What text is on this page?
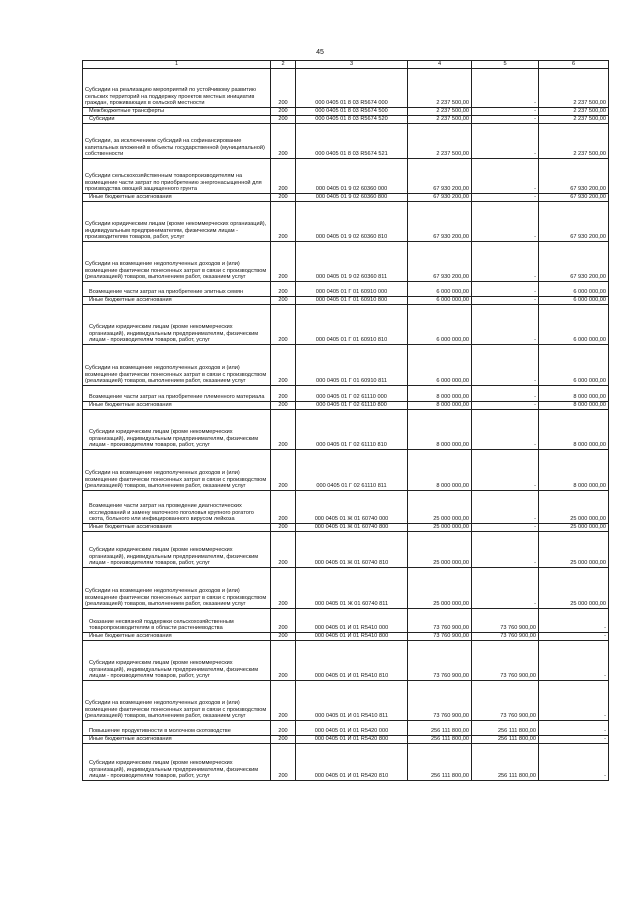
45
1	2	3	4	5	6
Субсидии на реализацию мероприятий по устойчивому развитию сельских территорий на поддержку проектов местных инициатив граждан, проживающих в сельской местности	200	000 0405 01 8 03 R5674 000	2 237 500,00	-	2 237 500,00
Межбюджетные трансферты	200	000 0405 01 8 03 R5674 500	2 237 500,00	-	2 237 500,00
Субсидии	200	000 0405 01 8 03 R5674 520	2 237 500,00	-	2 237 500,00
Субсидии, за исключением субсидий на софинансирование капитальных вложений в объекты государственной (муниципальной) собственности	200	000 0405 01 8 03 R5674 521	2 237 500,00	-	2 237 500,00
Субсидии сельскохозяйственным товаропроизводителям на возмещение части затрат по приобретению энергонасыщенной для производства овощей защищенного грунта	200	000 0405 01 9 02 60360 000	67 930 200,00	-	67 930 200,00
Иные бюджетные ассигнования	200	000 0405 01 9 02 60360 800	67 930 200,00	-	67 930 200,00
Субсидии юридическим лицам (кроме некоммерческих организаций), индивидуальным предпринимателям, физическим лицам - производителям товаров, работ, услуг	200	000 0405 01 9 02 60360 810	67 930 200,00	-	67 930 200,00
Субсидии на возмещение недополученных доходов и (или) возмещение фактически понесенных затрат в связи с производством (реализацией) товаров, выполнением работ, оказанием услуг	200	000 0405 01 9 02 60360 811	67 930 200,00	-	67 930 200,00
Возмещение части затрат на приобретение элитных семян	200	000 0405 01 Г 01 60910 000	6 000 000,00	-	6 000 000,00
Иные бюджетные ассигнования	200	000 0405 01 Г 01 60910 800	6 000 000,00	-	6 000 000,00
Субсидии юридическим лицам (кроме некоммерческих организаций), индивидуальным предпринимателям, физическим лицам - производителям товаров, работ, услуг	200	000 0405 01 Г 01 60910 810	6 000 000,00	-	6 000 000,00
Субсидии на возмещение недополученных доходов и (или) возмещение фактически понесенных затрат в связи с производством (реализацией) товаров, выполнением работ, оказанием услуг	200	000 0405 01 Г 01 60910 811	6 000 000,00	-	6 000 000,00
Возмещение части затрат на приобретение племенного материала	200	000 0405 01 Г 02 61110 000	8 000 000,00	-	8 000 000,00
Иные бюджетные ассигнования	200	000 0405 01 Г 02 61110 800	8 000 000,00	-	8 000 000,00
Субсидии юридическим лицам (кроме некоммерческих организаций), индивидуальным предпринимателям, физическим лицам - производителям товаров, работ, услуг	200	000 0405 01 Г 02 61110 810	8 000 000,00	-	8 000 000,00
Субсидии на возмещение недополученных доходов и (или) возмещение фактически понесенных затрат в связи с производством (реализацией) товаров, выполнением работ, оказанием услуг	200	000 0405 01 Г 02 61110 811	8 000 000,00	-	8 000 000,00
Возмещение части затрат на проведение диагностических исследований и замену маточного поголовья крупного рогатого скота, больного или инфицированного вирусом лейкоза	200	000 0405 01 Ж 01 60740 000	25 000 000,00	-	25 000 000,00
Иные бюджетные ассигнования	200	000 0405 01 Ж 01 60740 800	25 000 000,00	-	25 000 000,00
Субсидии юридическим лицам (кроме некоммерческих организаций), индивидуальным предпринимателям, физическим лицам - производителям товаров, работ, услуг	200	000 0405 01 Ж 01 60740 810	25 000 000,00	-	25 000 000,00
Субсидии на возмещение недополученных доходов и (или) возмещение фактически понесенных затрат в связи с производством (реализацией) товаров, выполнением работ, оказанием услуг	200	000 0405 01 Ж 01 60740 811	25 000 000,00	-	25 000 000,00
Оказание несвязной поддержки сельскохозяйственным товаропроизводителям в области растениеводства	200	000 0405 01 И 01 R5410 000	73 760 900,00	73 760 900,00	-
Иные бюджетные ассигнования	200	000 0405 01 И 01 R5410 800	73 760 900,00	73 760 900,00	-
Субсидии юридическим лицам (кроме некоммерческих организаций), индивидуальным предпринимателям, физическим лицам - производителям товаров, работ, услуг	200	000 0405 01 И 01 R5410 810	73 760 900,00	73 760 900,00	-
Субсидии на возмещение недополученных доходов и (или) возмещение фактически понесенных затрат в связи с производством (реализацией) товаров, выполнением работ, оказанием услуг	200	000 0405 01 И 01 R5410 811	73 760 900,00	73 760 900,00	-
Повышение продуктивности в молочном скотоводстве	200	000 0405 01 И 01 R5420 000	256 111 800,00	256 111 800,00	-
Иные бюджетные ассигнования	200	000 0405 01 И 01 R5420 800	256 111 800,00	256 111 800,00	-
Субсидии юридическим лицам (кроме некоммерческих организаций), индивидуальным предпринимателям, физическим лицам - производителям товаров, работ, услуг	200	000 0405 01 И 01 R5420 810	256 111 800,00	256 111 800,00	-
